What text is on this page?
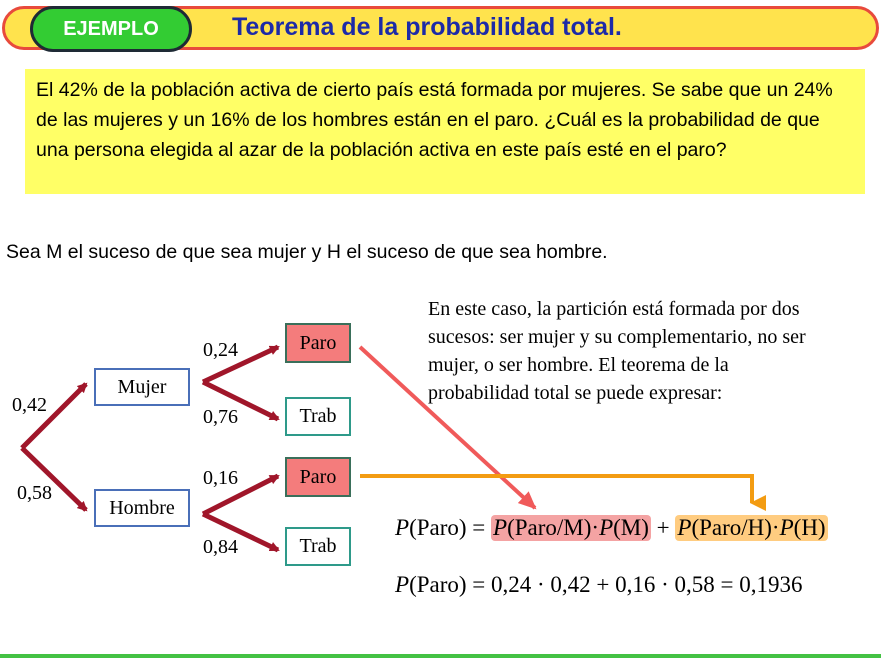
EJEMPLO	Teorema de la probabilidad total.
El 42% de la población activa de cierto país está formada por mujeres. Se sabe que un 24% de las mujeres y un 16% de los hombres están en el paro. ¿Cuál es la probabilidad de que una persona elegida al azar de la población activa en este país esté en el paro?
Sea M el suceso de que sea mujer y H el suceso de que sea hombre.
En este caso, la partición está formada por dos
sucesos: ser mujer y su complementario, no ser
mujer, o ser hombre. El teorema de la
probabilidad total se puede expresar:
Mujer
Hombre
Paro
Trab
Paro
Trab
0,42
0,58
0,24
0,76
0,16
0,84
P (Paro) =
P(Paro/M)·P(M)
+
P(Paro/H)·P(H)
P (Paro) = 0,24 · 0,42 + 0,16 · 0,58 = 0,1936
